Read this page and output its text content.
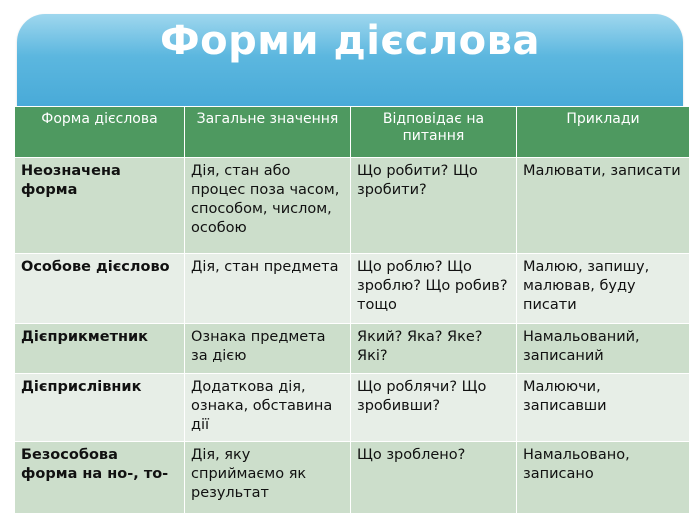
Форми дієслова
Форма дієслова	Загальне значення	Відповідає на питання	Приклади
Неозначена форма	Дія, стан або процес поза часом, способом, числом, особою	Що робити? Що зробити?	Малювати, записати
Особове дієслово	Дія, стан предмета	Що роблю? Що зроблю? Що робив? тощо	Малюю, запишу, малював, буду писати
Дієприкметник	Ознака предмета за дією	Який? Яка? Яке? Які?	Намальований, записаний
Дієприслівник	Додаткова дія, ознака, обставина дії	Що роблячи? Що зробивши?	Малюючи, записавши
Безособова форма на но-, то-	Дія, яку сприймаємо як результат	Що зроблено?	Намальовано, записано
